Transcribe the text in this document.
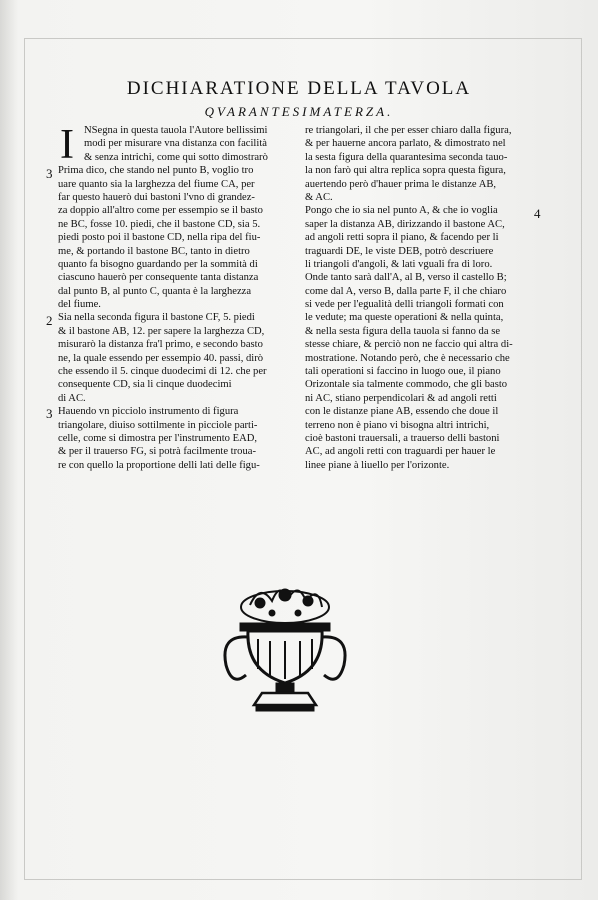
DICHIARATIONE DELLA TAVOLA
QVARANTESIMATERZA.
I
3
2
3
4
NSegna in questa tauola l'Autore bellissimi
modi per misurare vna distanza con facilità
& senza intrichi, come qui sotto dimostrarò
Prima dico, che stando nel punto B, voglio tro
uare quanto sia la larghezza del fiume CA, per
far questo hauerò dui bastoni l'vno di grandez-
za doppio all'altro come per essempio se il basto
ne BC, fosse 10. piedi, che il bastone CD, sia 5.
piedi posto poi il bastone CD, nella ripa del fiu-
me, & portando il bastone BC, tanto in dietro
quanto fa bisogno guardando per la sommità di
ciascuno hauerò per consequente tanta distanza
dal punto B, al punto C, quanta è la larghezza
del fiume.
Sia nella seconda figura il bastone CF, 5. piedi
& il bastone AB, 12. per sapere la larghezza CD,
misurarò la distanza fra'l primo, e secondo basto
ne, la quale essendo per essempio 40. passi, dirò
che essendo il 5. cinque duodecimi di 12. che per
consequente CD, sia li cinque duodecimi
di AC.
Hauendo vn picciolo instrumento di figura
triangolare, diuiso sottilmente in picciole parti-
celle, come si dimostra per l'instrumento EAD,
& per il trauerso FG, si potrà facilmente troua-
re con quello la proportione delli lati delle figu-
re triangolari, il che per esser chiaro dalla figura,
& per hauerne ancora parlato, & dimostrato nel
la sesta figura della quarantesima seconda tauo-
la non farò qui altra replica sopra questa figura,
auertendo però d'hauer prima le distanze AB,
& AC.
Pongo che io sia nel punto A, & che io voglia
saper la distanza AB, dirizzando il bastone AC,
ad angoli retti sopra il piano, & facendo per li
traguardi DE, le viste DEB, potrò descriuere
li triangoli d'angoli, & lati vguali fra di loro.
Onde tanto sarà dall'A, al B, verso il castello B;
come dal A, verso B, dalla parte F, il che chiaro
si vede per l'egualità delli triangoli formati con
le vedute; ma queste operationi & nella quinta,
& nella sesta figura della tauola si fanno da se
stesse chiare, & perciò non ne faccio qui altra di-
mostratione. Notando però, che è necessario che
tali operationi si faccino in luogo oue, il piano
Orizontale sia talmente commodo, che gli basto
ni AC, stiano perpendicolari & ad angoli retti
con le distanze piane AB, essendo che doue il
terreno non è piano vi bisogna altri intrichi,
cioè bastoni trauersali, a trauerso delli bastoni
AC, ad angoli retti con traguardi per hauer le
linee piane à liuello per l'orizonte.
